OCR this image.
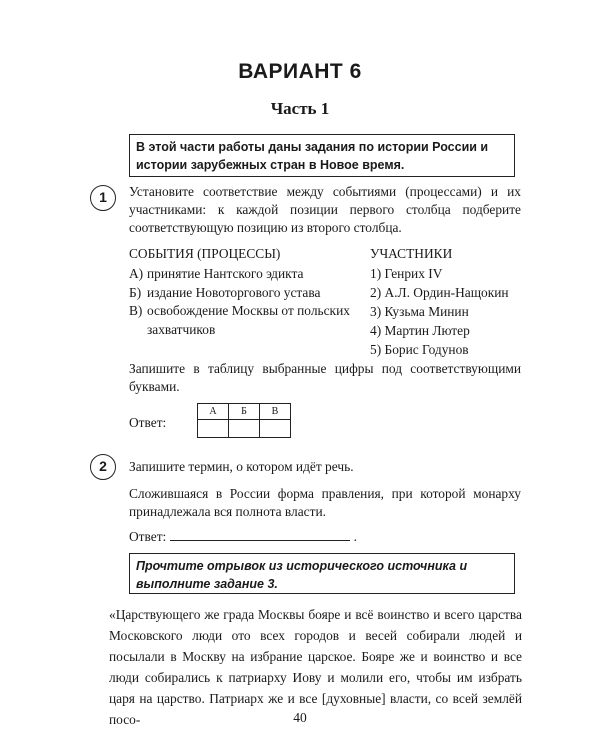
ВАРИАНТ 6
Часть 1
В этой части работы даны задания по истории России и истории зарубежных стран в Новое время.
1	Установите соответствие между событиями (процессами) и их участниками: к каждой позиции первого столбца подберите соответствующую позицию из второго столбца.
СОБЫТИЯ (ПРОЦЕССЫ)	УЧАСТНИКИ
А) принятие Нантского эдикта
Б) издание Новоторгового устава
В) освобождение Москвы от польских захватчиков
1) Генрих IV
2) А.Л. Ордин-Нащокин
3) Кузьма Минин
4) Мартин Лютер
5) Борис Годунов
Запишите в таблицу выбранные цифры под соответствующими буквами.
Ответ:
А	Б	В

2	Запишите термин, о котором идёт речь.
Сложившаяся в России форма правления, при которой монарху принадлежала вся полнота власти.
Ответ:	.
Прочтите отрывок из исторического источника и выполните задание 3.
«Царствующего же града Москвы бояре и всё воинство и всего царства Московского люди ото всех городов и весей собирали людей и посылали в Москву на избрание царское. Бояре же и воинство и все люди собирались к патриарху Иову и молили его, чтобы им избрать царя на царство. Патриарх же и все [духовные] власти, со всей землёй посо-	40
